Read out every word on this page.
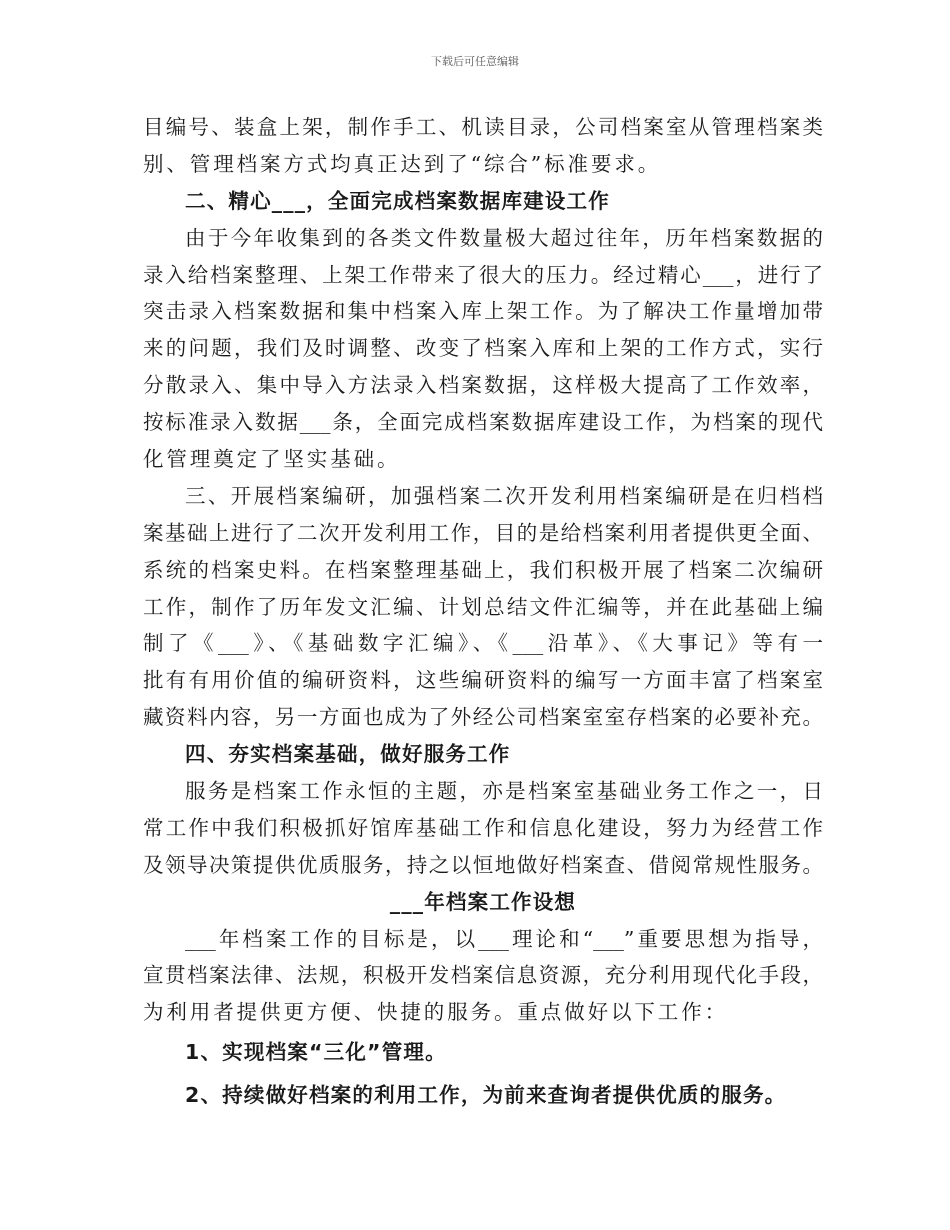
下载后可任意编辑
目编号、装盒上架，制作手工、机读目录，公司档案室从管理档案类
别、管理档案方式均真正达到了“综合”标准要求。
二、精心___，全面完成档案数据库建设工作
由于今年收集到的各类文件数量极大超过往年，历年档案数据的
录入给档案整理、上架工作带来了很大的压力。经过精心___，进行了
突击录入档案数据和集中档案入库上架工作。为了解决工作量增加带
来的问题，我们及时调整、改变了档案入库和上架的工作方式，实行
分散录入、集中导入方法录入档案数据，这样极大提高了工作效率，
按标准录入数据___条，全面完成档案数据库建设工作，为档案的现代
化管理奠定了坚实基础。
三、开展档案编研，加强档案二次开发利用档案编研是在归档档
案基础上进行了二次开发利用工作，目的是给档案利用者提供更全面、
系统的档案史料。在档案整理基础上，我们积极开展了档案二次编研
工作，制作了历年发文汇编、计划总结文件汇编等，并在此基础上编
制了《___》、《基础数字汇编》、《___沿革》、《大事记》等有一
批有有用价值的编研资料，这些编研资料的编写一方面丰富了档案室
藏资料内容，另一方面也成为了外经公司档案室室存档案的必要补充。
四、夯实档案基础，做好服务工作
服务是档案工作永恒的主题，亦是档案室基础业务工作之一，日
常工作中我们积极抓好馆库基础工作和信息化建设，努力为经营工作
及领导决策提供优质服务，持之以恒地做好档案查、借阅常规性服务。
___年档案工作设想
___年档案工作的目标是，以___理论和“___”重要思想为指导，
宣贯档案法律、法规，积极开发档案信息资源，充分利用现代化手段，
为利用者提供更方便、快捷的服务。重点做好以下工作：
1、实现档案“三化”管理。
2、持续做好档案的利用工作，为前来查询者提供优质的服务。
